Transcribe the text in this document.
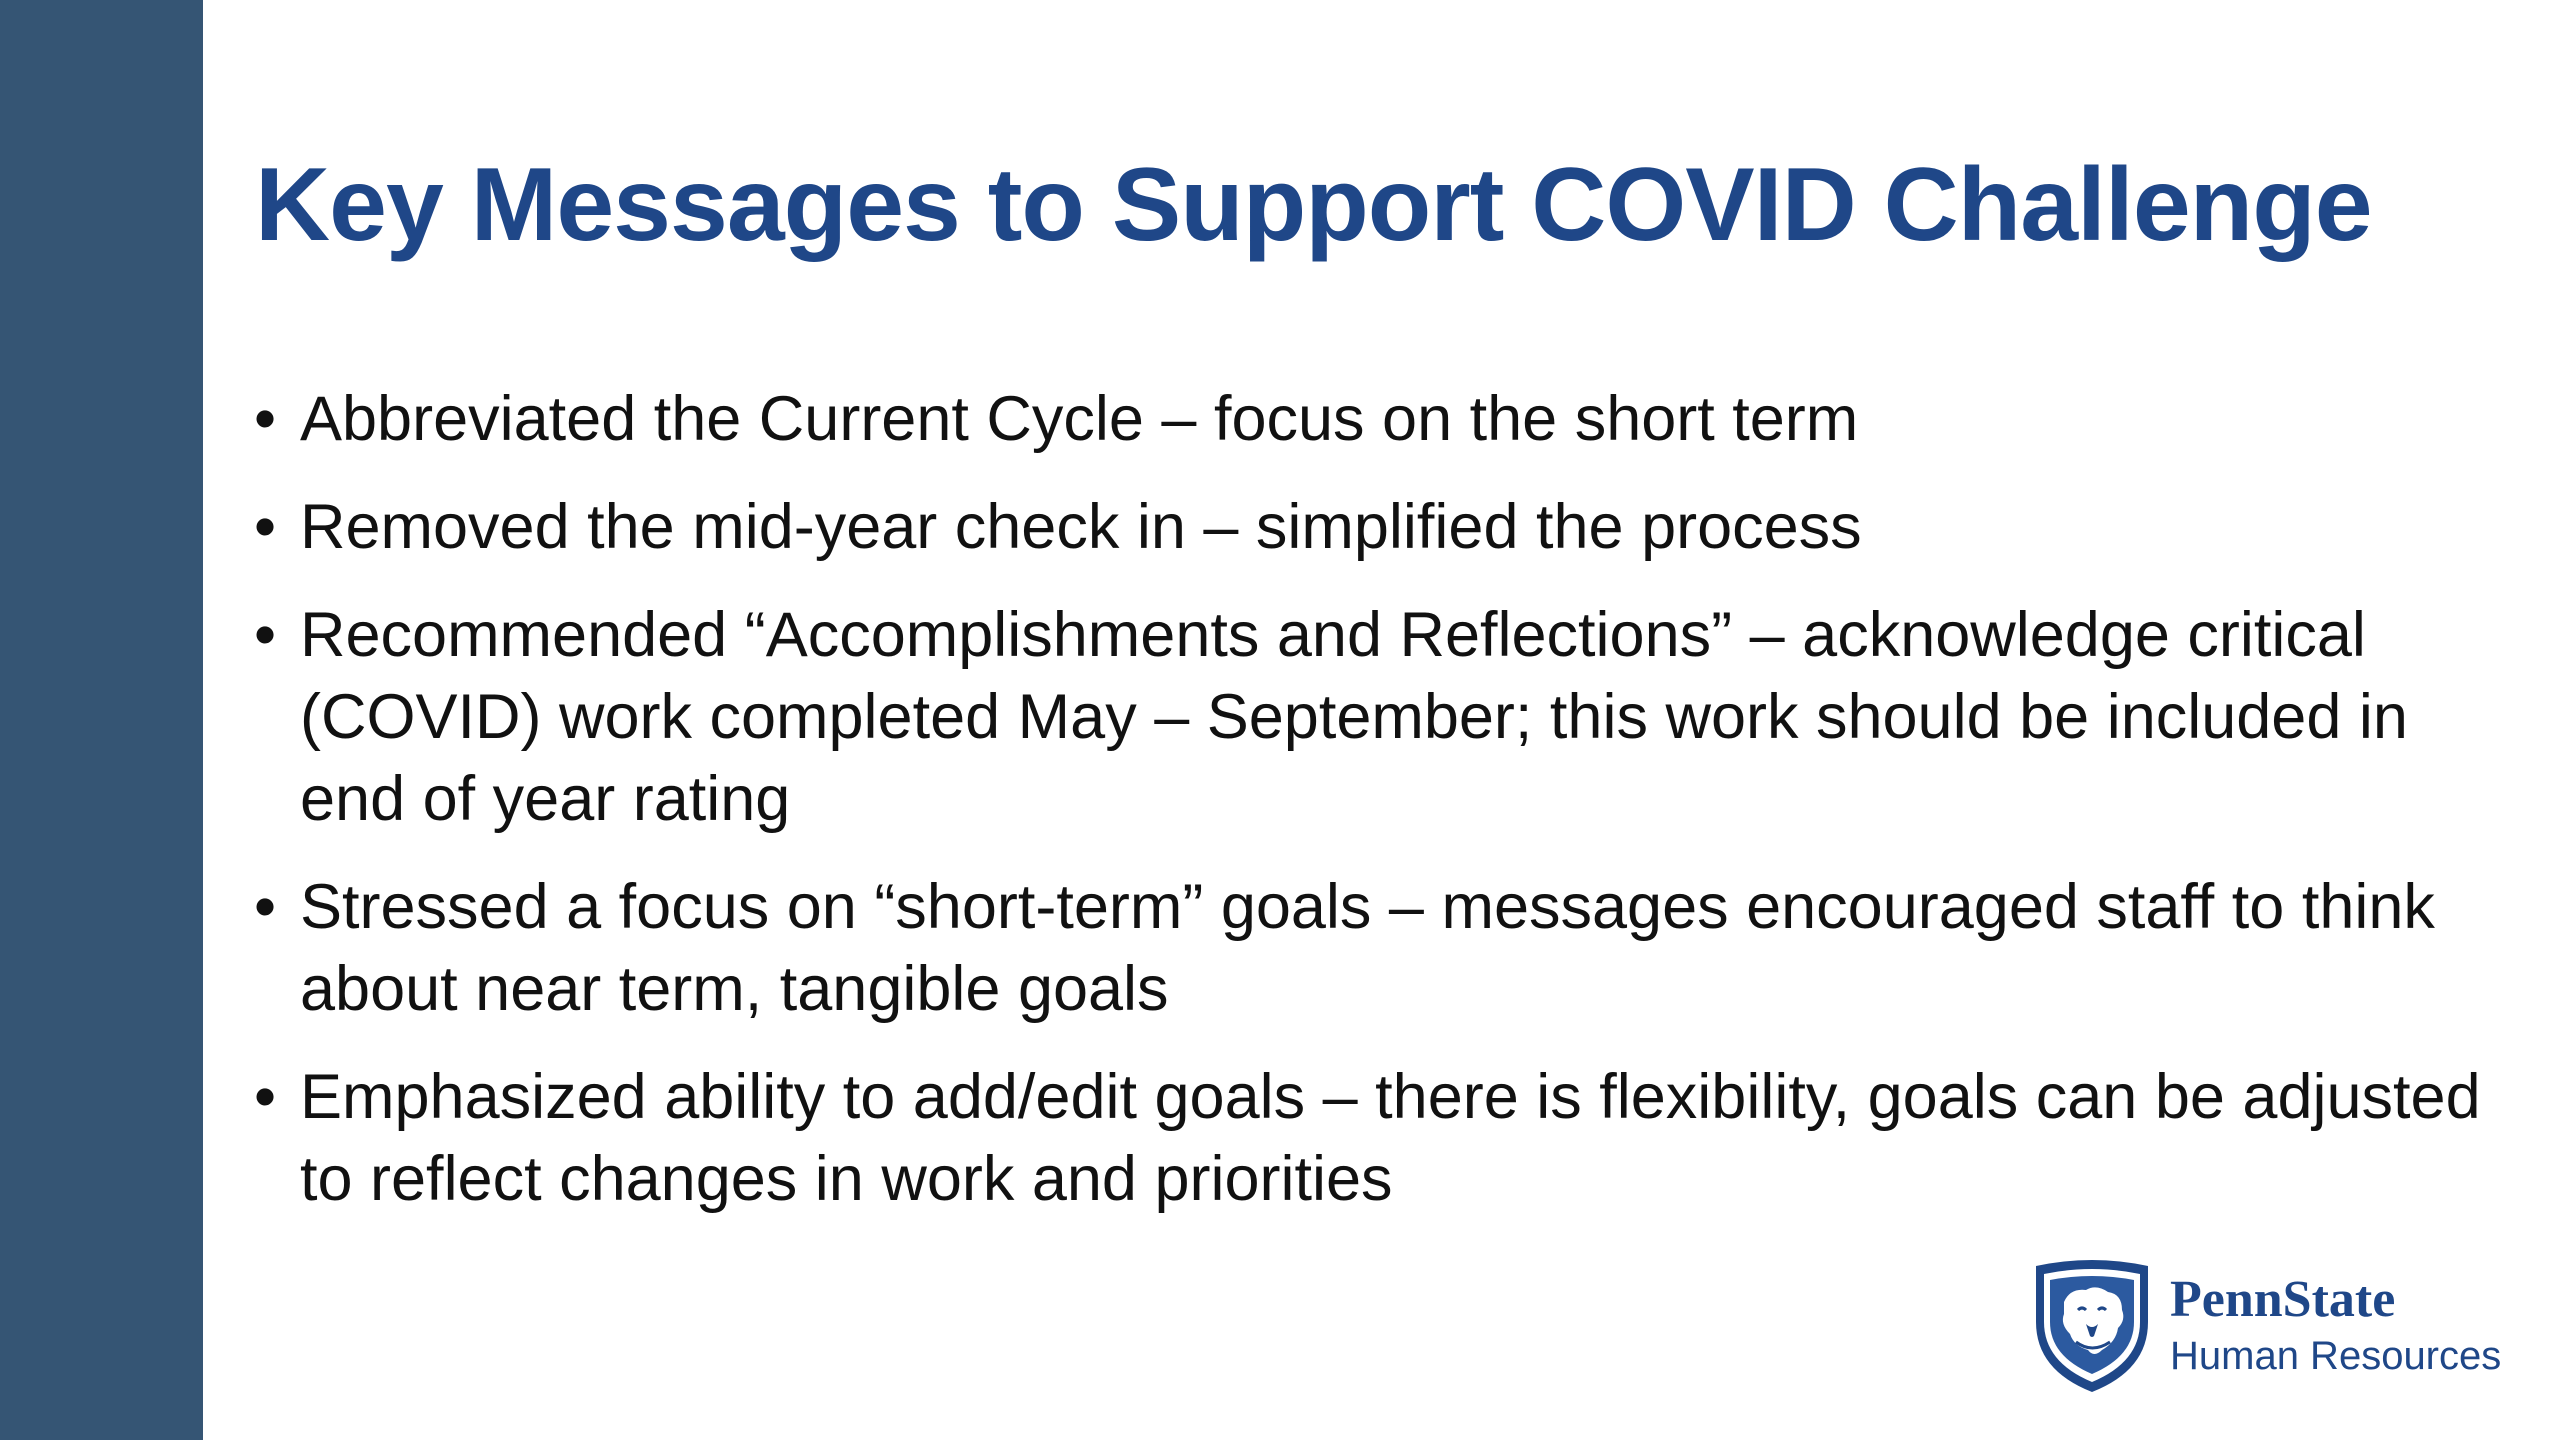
Key Messages to Support COVID Challenge
• Abbreviated the Current Cycle – focus on the short term
• Removed the mid-year check in – simplified the process
• Recommended “Accomplishments and Reflections” – acknowledge critical (COVID) work completed May – September; this work should be included in end of year rating
• Stressed a focus on “short-term” goals – messages encouraged staff to think about near term, tangible goals
• Emphasized ability to add/edit goals – there is flexibility, goals can be adjusted to reflect changes in work and priorities
PennState
Human Resources
